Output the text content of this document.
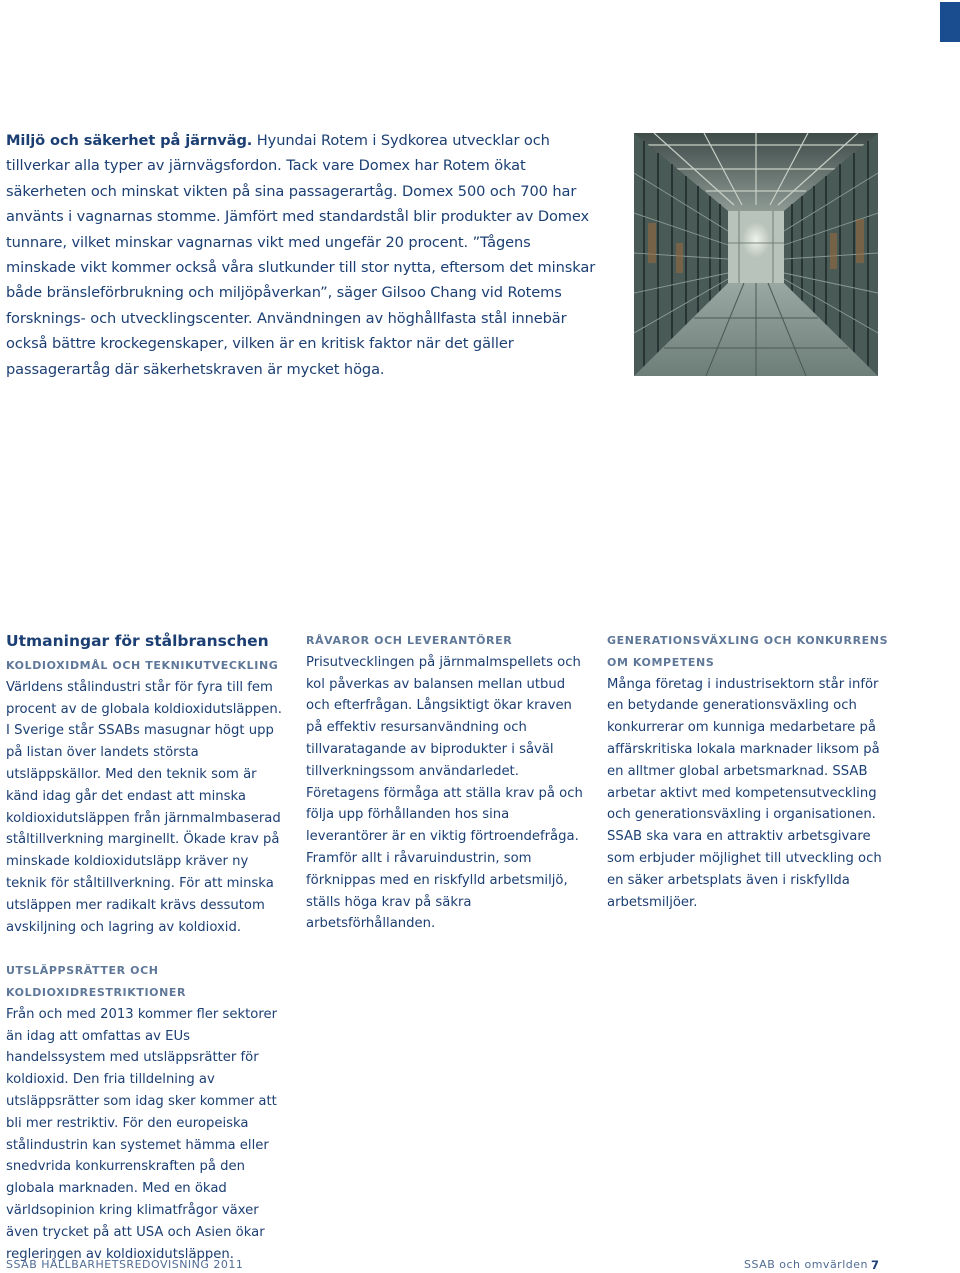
Miljö och säkerhet på järnväg. Hyundai Rotem i Sydkorea utvecklar och tillverkar alla typer av järnvägsfordon. Tack vare Domex har Rotem ökat säkerheten och minskat vikten på sina passagerartåg. Domex 500 och 700 har använts i vagnarnas stomme. Jämfört med standardstål blir produkter av Domex tunnare, vilket minskar vagnarnas vikt med ungefär 20 procent. ”Tågens minskade vikt kommer också våra slutkunder till stor nytta, eftersom det minskar både bränsleförbrukning och miljöpåverkan”, säger Gilsoo Chang vid Rotems forsknings- och utvecklingscenter. Användningen av höghållfasta stål innebär också bättre krockegenskaper, vilken är en kritisk faktor när det gäller passagerartåg där säkerhetskraven är mycket höga.

Utmaningar för stålbranschen

KOLDIOXIDMÅL OCH TEKNIKUTVECKLING

Världens stålindustri står för fyra till fem procent av de globala koldioxidutsläppen. I Sverige står SSABs masugnar högt upp på listan över landets största utsläppskällor. Med den teknik som är känd idag går det endast att minska koldioxidutsläppen från järnmalmbaserad ståltillverkning marginellt. Ökade krav på minskade koldioxidutsläpp kräver ny teknik för ståltillverkning. För att minska utsläppen mer radikalt krävs dessutom avskiljning och lagring av koldioxid.

UTSLÄPPSRÄTTER OCH KOLDIOXIDRESTRIKTIONER

Från och med 2013 kommer fler sektorer än idag att omfattas av EUs handelssystem med utsläppsrätter för koldioxid. Den fria tilldelning av utsläppsrätter som idag sker kommer att bli mer restriktiv. För den europeiska stålindustrin kan systemet hämma eller snedvrida konkurrenskraften på den globala marknaden. Med en ökad världsopinion kring klimatfrågor växer även trycket på att USA och Asien ökar regleringen av koldioxidutsläppen.

RÅVAROR OCH LEVERANTÖRER

Prisutvecklingen på järnmalmspellets och kol påverkas av balansen mellan utbud och efterfrågan. Långsiktigt ökar kraven på effektiv resursanvändning och tillvaratagande av biprodukter i såväl tillverkningssom användarledet. Företagens förmåga att ställa krav på och följa upp förhållanden hos sina leverantörer är en viktig förtroendefråga. Framför allt i råvaruindustrin, som förknippas med en riskfylld arbetsmiljö, ställs höga krav på säkra arbetsförhållanden.

GENERATIONSVÄXLING OCH KONKURRENS OM KOMPETENS

Många företag i industrisektorn står inför en betydande generationsväxling och konkurrerar om kunniga medarbetare på affärskritiska lokala marknader liksom på en alltmer global arbetsmarknad. SSAB arbetar aktivt med kompetensutveckling och generationsväxling i organisationen. SSAB ska vara en attraktiv arbetsgivare som erbjuder möjlighet till utveckling och en säker arbetsplats även i riskfyllda arbetsmiljöer.

SSAB HÅLLBARHETSREDOVISNING 2011	SSAB och omvärlden 7
